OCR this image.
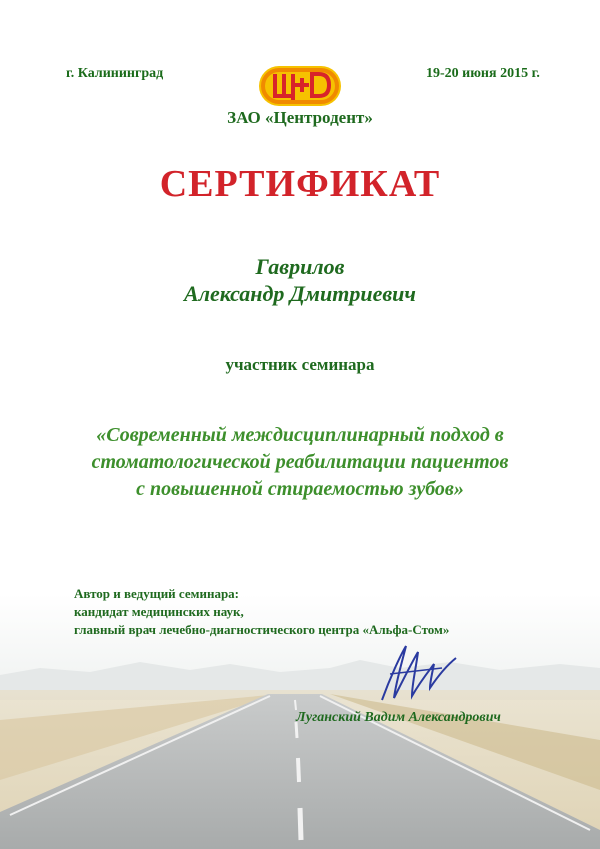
г. Калининград	19-20 июня 2015 г.
ЗАО «Центродент»
СЕРТИФИКАТ
Гаврилов
Александр Дмитриевич
участник семинара
«Современный междисциплинарный подход в
стоматологической реабилитации пациентов
с повышенной стираемостью зубов»
Автор и ведущий семинара:
кандидат медицинских наук,
главный врач лечебно-диагностического центра «Альфа-Стом»
Луганский Вадим Александрович
